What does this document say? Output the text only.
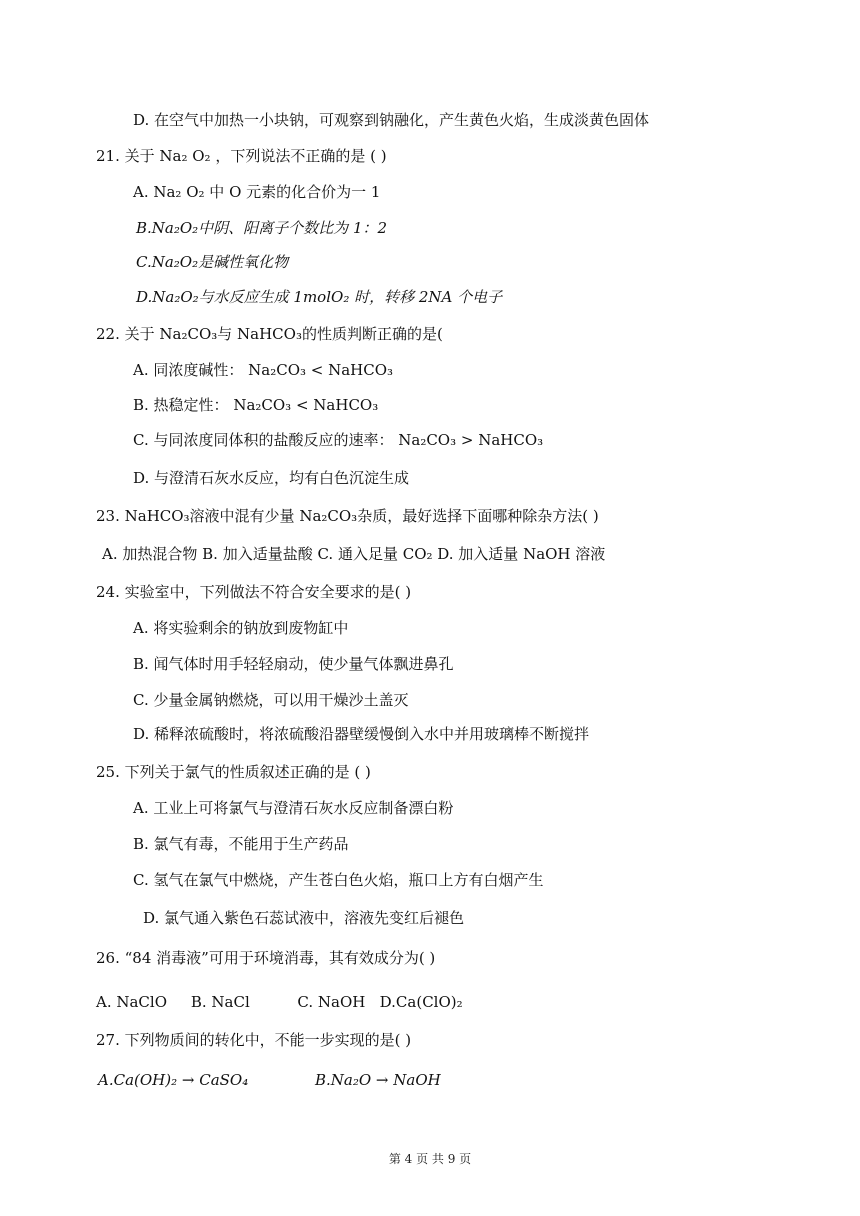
D. 在空气中加热一小块钠，可观察到钠融化，产生黄色火焰，生成淡黄色固体
21. 关于 Na₂ O₂ ，下列说法不正确的是 ( )
A. Na₂ O₂ 中 O 元素的化合价为一 1
B.Na₂O₂中阴、阳离子个数比为 1：2
C.Na₂O₂是碱性氧化物
D.Na₂O₂与水反应生成 1molO₂ 时，转移 2NA 个电子
22. 关于 Na₂CO₃与 NaHCO₃的性质判断正确的是(
A. 同浓度碱性： Na₂CO₃ < NaHCO₃
B. 热稳定性： Na₂CO₃ < NaHCO₃
C. 与同浓度同体积的盐酸反应的速率： Na₂CO₃ > NaHCO₃
D. 与澄清石灰水反应，均有白色沉淀生成
23. NaHCO₃溶液中混有少量 Na₂CO₃杂质，最好选择下面哪种除杂方法( )
A. 加热混合物 B. 加入适量盐酸 C. 通入足量 CO₂ D. 加入适量 NaOH 溶液
24. 实验室中，下列做法不符合安全要求的是( )
A. 将实验剩余的钠放到废物缸中
B. 闻气体时用手轻轻扇动，使少量气体飘进鼻孔
C. 少量金属钠燃烧，可以用干燥沙土盖灭
D. 稀释浓硫酸时，将浓硫酸沿器壁缓慢倒入水中并用玻璃棒不断搅拌
25. 下列关于氯气的性质叙述正确的是 ( )
A. 工业上可将氯气与澄清石灰水反应制备漂白粉
B. 氯气有毒，不能用于生产药品
C. 氢气在氯气中燃烧，产生苍白色火焰，瓶口上方有白烟产生
D. 氯气通入紫色石蕊试液中，溶液先变红后褪色
26. “84 消毒液”可用于环境消毒，其有效成分为( )
A. NaClO     B. NaCl          C. NaOH   D.Ca(ClO)₂
27. 下列物质间的转化中，不能一步实现的是( )
A.Ca(OH)₂ → CaSO₄              B.Na₂O → NaOH
第 4 页 共 9 页
